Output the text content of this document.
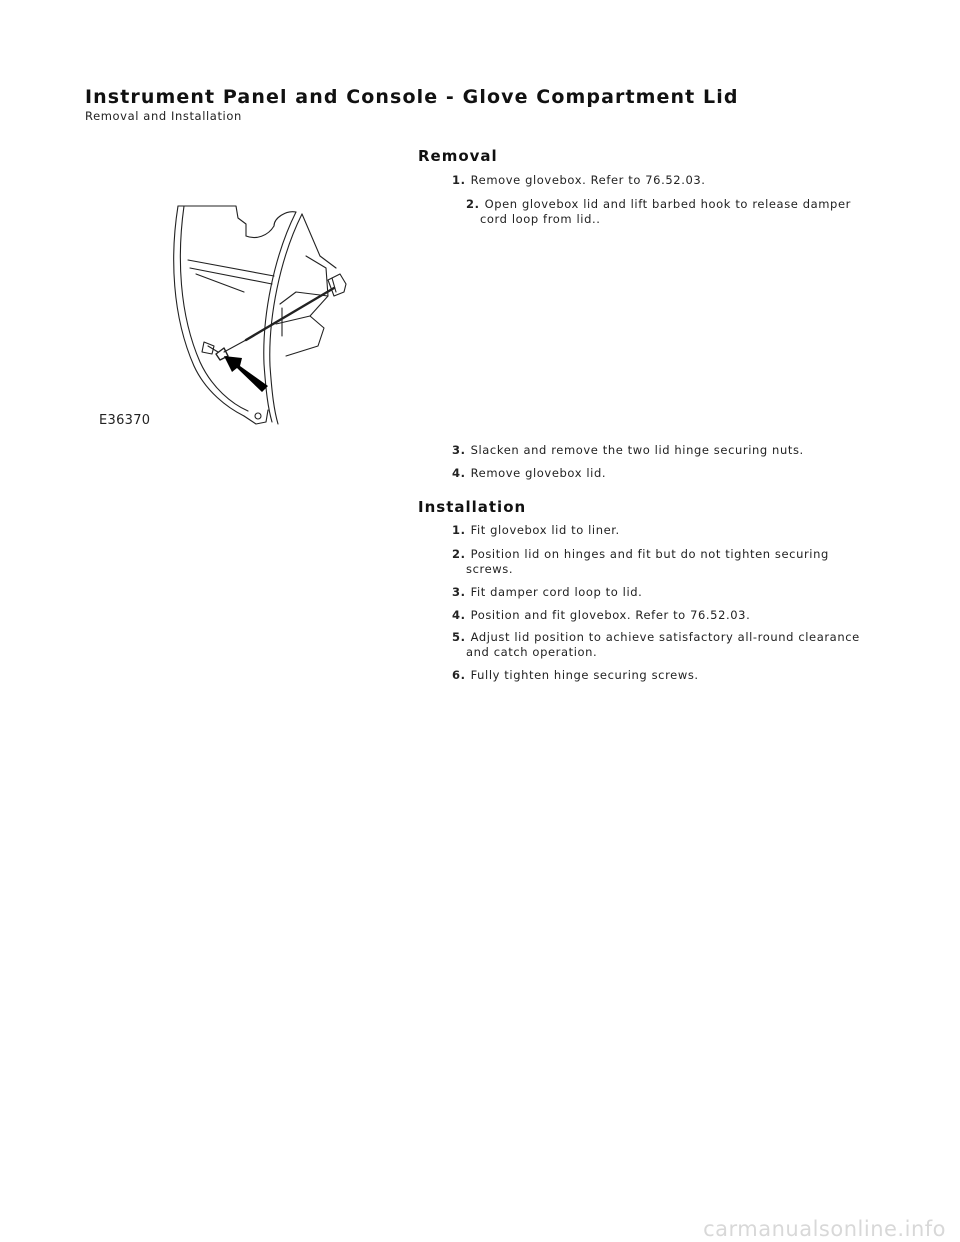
Instrument Panel and Console - Glove Compartment Lid
Removal and Installation
Removal
1. Remove glovebox. Refer to 76.52.03.
2. Open glovebox lid and lift barbed hook to release damper
cord loop from lid..
3. Slacken and remove the two lid hinge securing nuts.
4. Remove glovebox lid.
E36370
Installation
1. Fit glovebox lid to liner.
2. Position lid on hinges and fit but do not tighten securing
screws.
3. Fit damper cord loop to lid.
4. Position and fit glovebox. Refer to 76.52.03.
5. Adjust lid position to achieve satisfactory all-round clearance
and catch operation.
6. Fully tighten hinge securing screws.
carmanualsonline.info
